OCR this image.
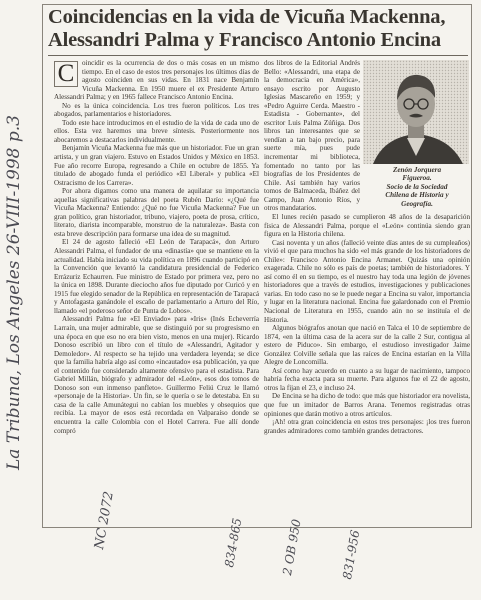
Coincidencias en la vida de Vicuña Mackenna, Alessandri Palma y Francisco Antonio Encina
C	oincidir es la ocurrencia de dos o más cosas en un mismo tiempo. En el caso de estos tres personajes los últimos días de agosto coinciden en sus vidas. En 1831 nace Benjamín Vicuña Mackenna. En 1950 muere el ex Presidente Arturo Alessandri Palma; y en 1965 fallece Francisco Antonio Encina.

No es la única coincidencia. Los tres fueron políticos. Los tres abogados, parlamentarios e historiadores.

Todo este hace introducimos en el estudio de la vida de cada uno de ellos. Esta vez haremos una breve síntesis. Posteriormente nos abocaremos a destacarlos individualmente.

Benjamín Vicuña Mackenna fue más que un historiador. Fue un gran artista, y un gran viajero. Estuvo en Estados Unidos y México en 1853. Fue año recorre Europa, regresando a Chile en octubre de 1855. Ya titulado de abogado funda el periódico «El Liberal» y publica «El Ostracismo de los Carrera».

Por ahora digamos como una manera de aquilatar su importancia aquellas significativas palabras del poeta Rubén Darío: «¿Qué fue Vicuña Mackenna? Entiendo: ¿Qué no fue Vicuña Mackenna? Fue un gran político, gran historiador, tribuno, viajero, poeta de prosa, crítico, literato, diarista incomparable, monstruo de la naturaleza». Basta con esta breve descripción para formarse una idea de su magnitud.

El 24 de agosto falleció «El León de Tarapacá», don Arturo Alessandri Palma, el fundador de una «dinastía» que se mantiene en la actualidad. Había iniciado su vida política en 1896 cuando participó en la Convención que levantó la candidatura presidencial de Federico Errázuriz Echaurren. Fue ministro de Estado por primera vez, pero no la única en 1898. Durante dieciocho años fue diputado por Curicó y en 1915 fue elegido senador de la República en representación de Tarapacá y Antofagasta ganándole el escaño de parlamentario a Arturo del Río, llamado «el poderoso señor de Punta de Lobos».

Alessandri Palma fue «El Enviado» para «Iris» (Inés Echeverría Larraín, una mujer admirable, que se distinguió por su progresismo en una época en que eso no era bien visto, menos en una mujer). Ricardo Donoso escribió un libro con el título de «Alessandri, Agitador y Demoledor». Al respecto se ha tejido una verdadera leyenda; se dice que la familia habría algo así como «incautado» esa publicación, ya que el contenido fue considerado altamente ofensivo para el estadista. Para Gabriel Millán, biógrafo y admirador del «León», esos dos tomos de Donoso son «un inmenso panfleto». Guillermo Feliú Cruz le llamó «personaje de la Historia». Un fin, se le quería o se le detestaba. En su casa de la calle Amunátegui no cabían los muebles y obsequios que recibía. La mayor de esos está recordada en Valparaíso donde se encuentra la calle Colombia con el Hotel Carrera. Fue allí donde compró

dos libros de la Editorial Andrés Bello: «Alessandri, una etapa de la democracia en América», ensayo escrito por Augusto Iglesias Mascareño en 1959; y «Pedro Aguirre Cerda. Maestro - Estadista - Gobernante», del escritor Luis Palma Zúñiga. Dos libros tan interesantes que se vendían a tan bajo precio, para suerte mía, pues pude incrementar mi biblioteca, fomentado no tanto por las biografías de los Presidentes de Chile. Así también hay varios tomos de Balmaceda, Ibáñez del Campo, Juan Antonio Ríos, y otros mandatarios.

Zenón Jorquera
Figueroa.
Socio de la Sociedad
Chilena de Historia y
Geografía.

El lunes recién pasado se cumplieron 48 años de la desaparición física de Alessandri Palma, porque el «León» continúa siendo gran figura en la Historia chilena.

Casi noventa y un años (falleció veinte días antes de su cumpleaños) vivió el que para muchos ha sido «el más grande de los historiadores de Chile»: Francisco Antonio Encina Armanet. Quizás una opinión exagerada. Chile no sólo es país de poetas; también de historiadores. Y así como él en su tiempo, es el nuestro hay toda una legión de jóvenes historiadores que a través de estudios, investigaciones y publicaciones varias. En todo caso no se le puede negar a Encina su valor, importancia y lugar en la literatura nacional. Encina fue galardonado con el Premio Nacional de Literatura en 1955, cuando aún no se instituía el de Historia.

Algunos biógrafos anotan que nació en Talca el 10 de septiembre de 1874, «en la última casa de la acera sur de la calle 2 Sur, contigua al estero de Piduco». Sin embargo, el estudioso investigador Jaime González Colville señala que las raíces de Encina estarían en la Villa Alegre de Loncomilla.

Así como hay acuerdo en cuanto a su lugar de nacimiento, tampoco habría fecha exacta para su muerte. Para algunos fue el 22 de agosto, otros la fijan el 23, e incluso 24.

De Encina se ha dicho de todo: que más que historiador era novelista, que fue un imitador de Barros Arana. Tenemos registradas otras opiniones que darán motivo a otros artículos.

¡Ah! otra gran coincidencia en estos tres personajes: ¡los tres fueron grandes admiradores como también grandes detractores.

La Tribuna, Los Angeles 26-VIII-1998 p.3
NC 2072	834-865	2 OB 950	831-956
